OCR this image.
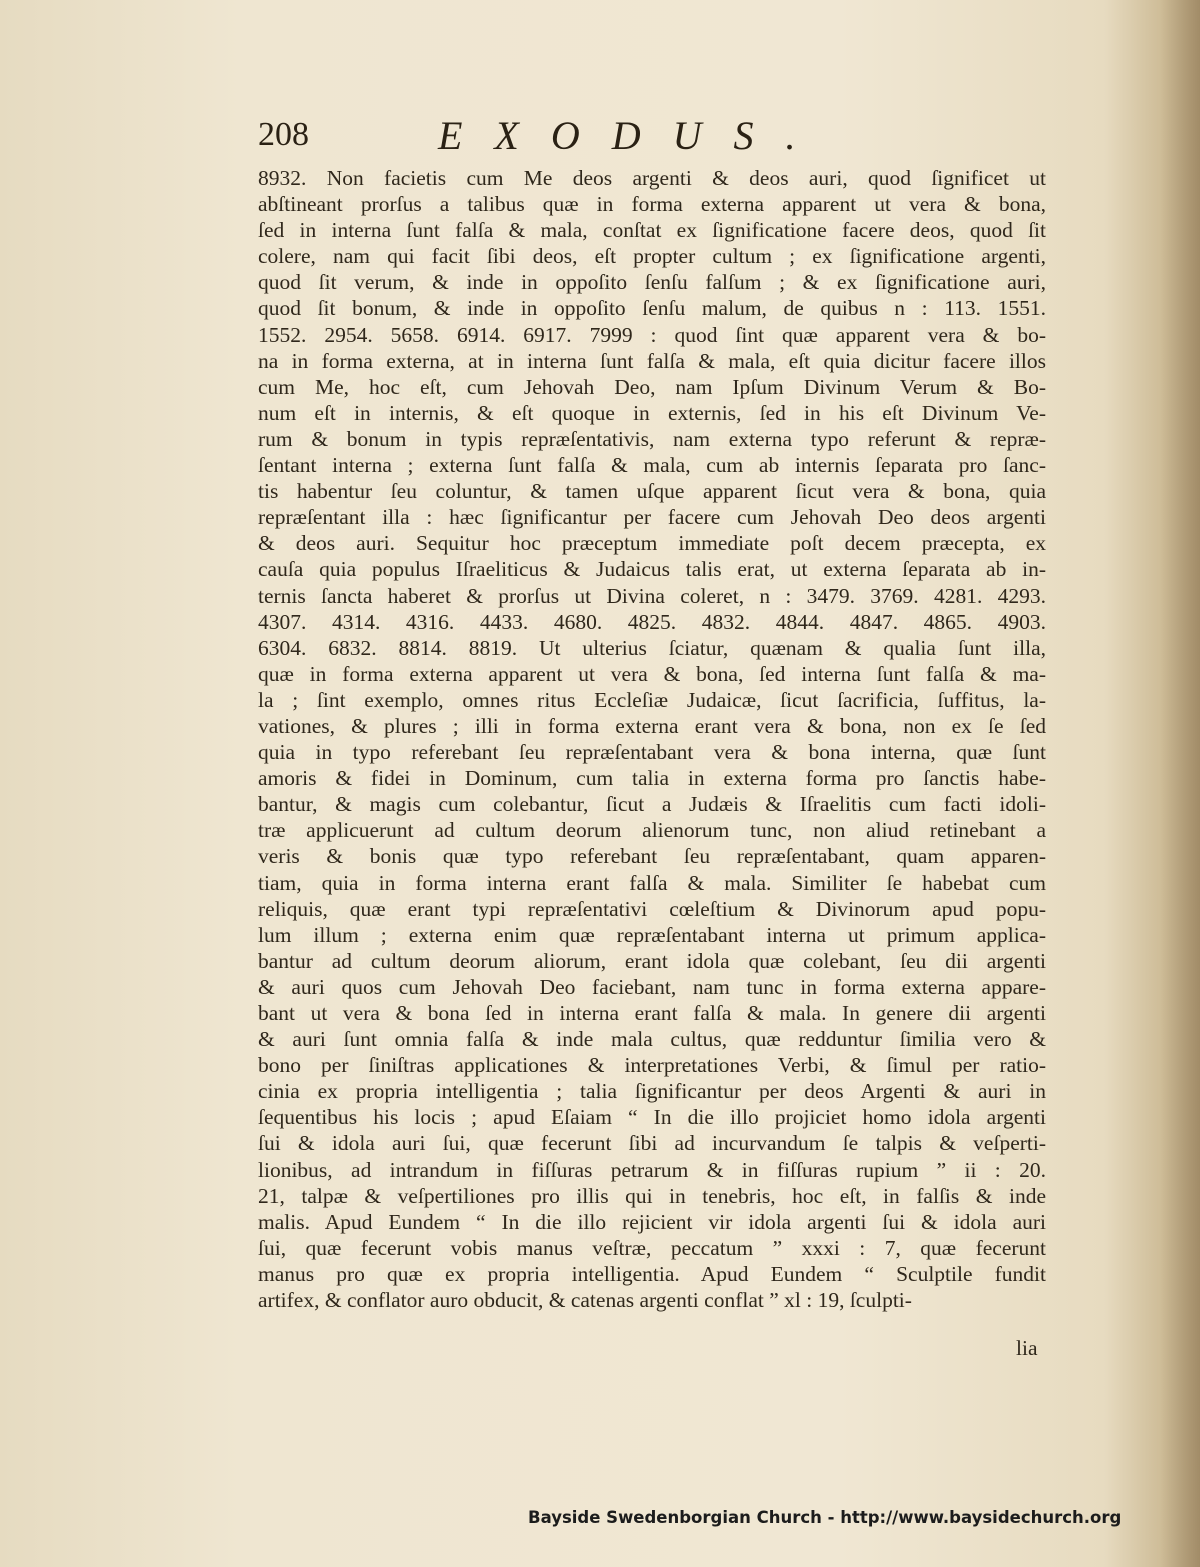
208	EXODUS.
8932. Non facietis cum Me deos argenti & deos auri, quod ſignificet ut
abſtineant prorſus a talibus quæ in forma externa apparent ut vera & bona,
ſed in interna ſunt falſa & mala, conſtat ex ſignificatione facere deos, quod ſit
colere, nam qui facit ſibi deos, eſt propter cultum ; ex ſignificatione argenti,
quod ſit verum, & inde in oppoſito ſenſu falſum ; & ex ſignificatione auri,
quod ſit bonum, & inde in oppoſito ſenſu malum, de quibus n : 113. 1551.
1552. 2954. 5658. 6914. 6917. 7999 : quod ſint quæ apparent vera & bo-
na in forma externa, at in interna ſunt falſa & mala, eſt quia dicitur facere illos
cum Me, hoc eſt, cum Jehovah Deo, nam Ipſum Divinum Verum & Bo-
num eſt in internis, & eſt quoque in externis, ſed in his eſt Divinum Ve-
rum & bonum in typis repræſentativis, nam externa typo referunt & repræ-
ſentant interna ; externa ſunt falſa & mala, cum ab internis ſeparata pro ſanc-
tis habentur ſeu coluntur, & tamen uſque apparent ſicut vera & bona, quia
repræſentant illa : hæc ſignificantur per facere cum Jehovah Deo deos argenti
& deos auri. Sequitur hoc præceptum immediate poſt decem præcepta, ex
cauſa quia populus Iſraeliticus & Judaicus talis erat, ut externa ſeparata ab in-
ternis ſancta haberet & prorſus ut Divina coleret, n : 3479. 3769. 4281. 4293.
4307. 4314. 4316. 4433. 4680. 4825. 4832. 4844. 4847. 4865. 4903.
6304. 6832. 8814. 8819. Ut ulterius ſciatur, quænam & qualia ſunt illa,
quæ in forma externa apparent ut vera & bona, ſed interna ſunt falſa & ma-
la ; ſint exemplo, omnes ritus Eccleſiæ Judaicæ, ſicut ſacrificia, ſuffitus, la-
vationes, & plures ; illi in forma externa erant vera & bona, non ex ſe ſed
quia in typo referebant ſeu repræſentabant vera & bona interna, quæ ſunt
amoris & fidei in Dominum, cum talia in externa forma pro ſanctis habe-
bantur, & magis cum colebantur, ſicut a Judæis & Iſraelitis cum facti idoli-
træ applicuerunt ad cultum deorum alienorum tunc, non aliud retinebant a
veris & bonis quæ typo referebant ſeu repræſentabant, quam apparen-
tiam, quia in forma interna erant falſa & mala. Similiter ſe habebat cum
reliquis, quæ erant typi repræſentativi cœleſtium & Divinorum apud popu-
lum illum ; externa enim quæ repræſentabant interna ut primum applica-
bantur ad cultum deorum aliorum, erant idola quæ colebant, ſeu dii argenti
& auri quos cum Jehovah Deo faciebant, nam tunc in forma externa appare-
bant ut vera & bona ſed in interna erant falſa & mala. In genere dii argenti
& auri ſunt omnia falſa & inde mala cultus, quæ redduntur ſimilia vero &
bono per ſiniſtras applicationes & interpretationes Verbi, & ſimul per ratio-
cinia ex propria intelligentia ; talia ſignificantur per deos Argenti & auri in
ſequentibus his locis ; apud Eſaiam “ In die illo projiciet homo idola argenti
ſui & idola auri ſui, quæ fecerunt ſibi ad incurvandum ſe talpis & veſperti-
lionibus, ad intrandum in fiſſuras petrarum & in fiſſuras rupium ” ii : 20.
21, talpæ & veſpertiliones pro illis qui in tenebris, hoc eſt, in falſis & inde
malis. Apud Eundem “ In die illo rejicient vir idola argenti ſui & idola auri
ſui, quæ fecerunt vobis manus veſtræ, peccatum ” xxxi : 7, quæ fecerunt
manus pro quæ ex propria intelligentia. Apud Eundem “ Sculptile fundit
artifex, & conflator auro obducit, & catenas argenti conflat ” xl : 19, ſculpti-
lia
Bayside Swedenborgian Church - http://www.baysidechurch.org
